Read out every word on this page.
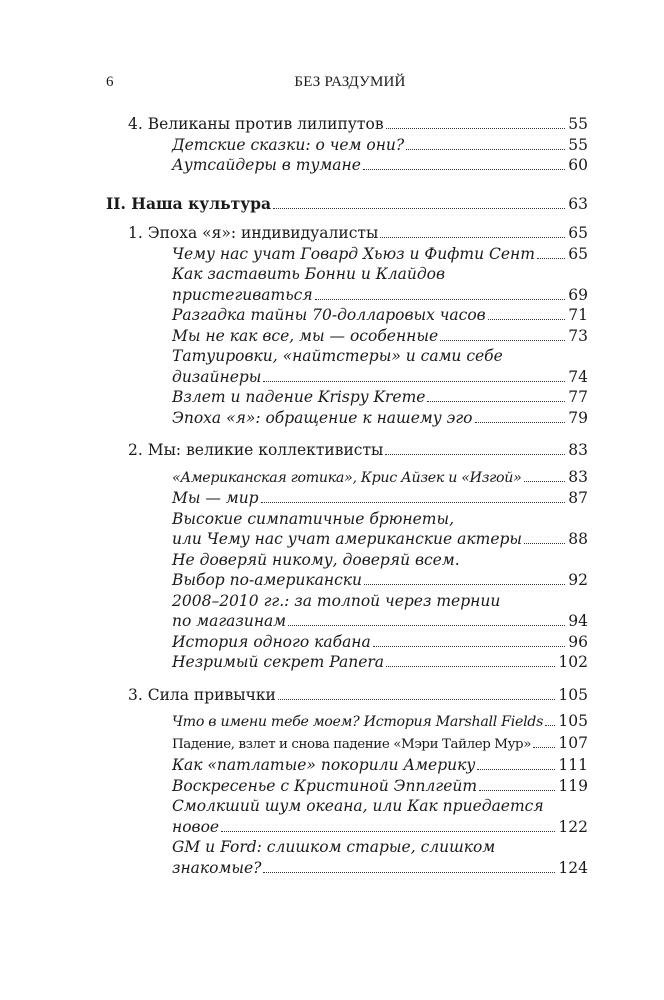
6	БЕЗ РАЗДУМИЙ
4. Великаны против лилипутов	55
Детские сказки: о чем они?	55
Аутсайдеры в тумане	60
II. Наша культура	63
1. Эпоха «я»: индивидуалисты	65
Чему нас учат Говард Хьюз и Фифти Сент 65
Как заставить Бонни и Клайдов
пристегиваться	69
Разгадка тайны 70-долларовых часов	71
Мы не как все, мы — особенные	73
Татуировки, «найтстеры» и сами себе
дизайнеры	74
Взлет и падение Krispy Kreme	77
Эпоха «я»: обращение к нашему эго	79
2. Мы: великие коллективисты	83
«Американская готика», Крис Айзек и «Изгой»	83
Мы — мир	87
Высокие симпатичные брюнеты,
или Чему нас учат американские актеры	88
Не доверяй никому, доверяй всем.
Выбор по-американски	92
2008–2010 гг.: за толпой через тернии
по магазинам	94
История одного кабана	96
Незримый секрет Panera	102
3. Сила привычки	105
Что в имени тебе моем? История Marshall Fields 105
Падение, взлет и снова падение «Мэри Тайлер Мур» 107
Как «патлатые» покорили Америку	111
Воскресенье с Кристиной Эпплгейт	119
Смолкший шум океана, или Как приедается
новое	122
GM и Ford: слишком старые, слишком
знакомые?	124
